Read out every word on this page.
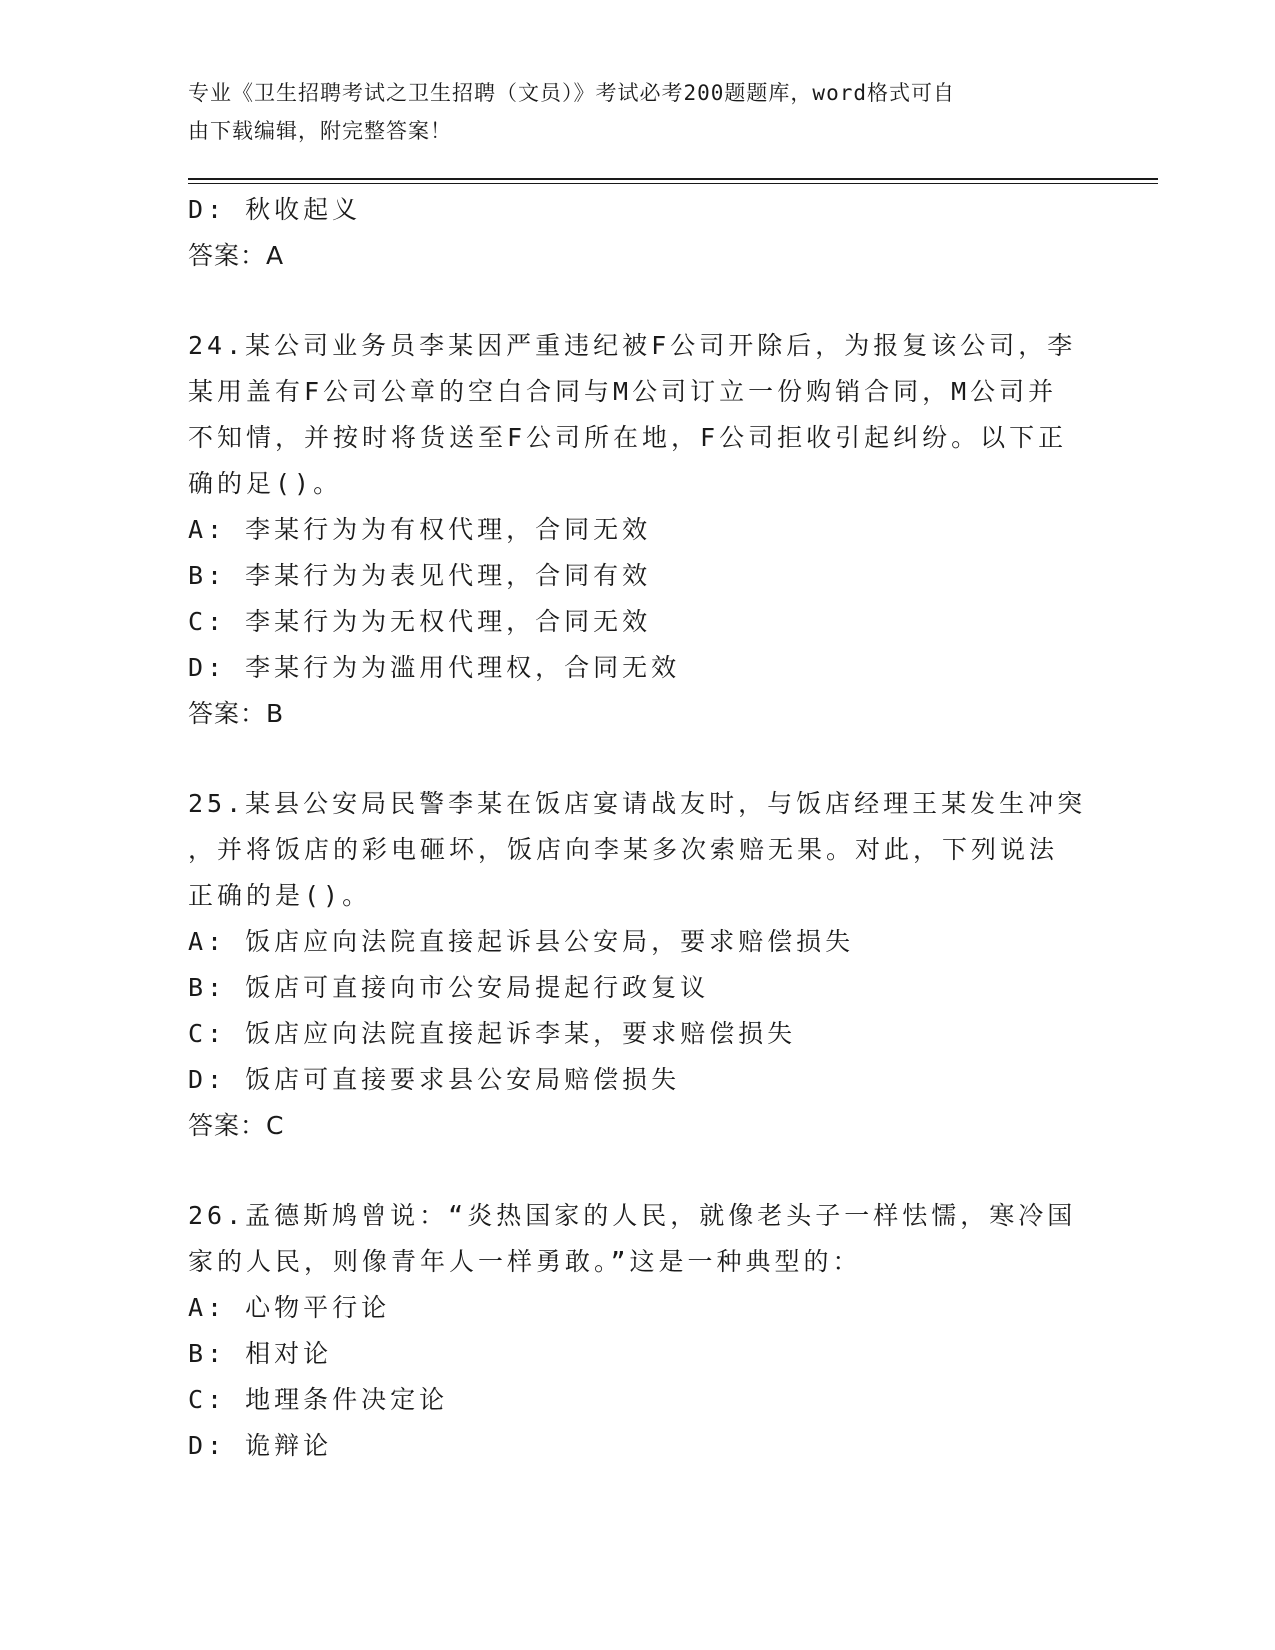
专业《卫生招聘考试之卫生招聘（文员）》考试必考200题题库，word格式可自
由下载编辑，附完整答案！
D: 秋收起义
答案：A
24.某公司业务员李某因严重违纪被F公司开除后，为报复该公司，李
某用盖有F公司公章的空白合同与M公司订立一份购销合同，M公司并
不知情，并按时将货送至F公司所在地，F公司拒收引起纠纷。以下正
确的足()。
A: 李某行为为有权代理，合同无效
B: 李某行为为表见代理，合同有效
C: 李某行为为无权代理，合同无效
D: 李某行为为滥用代理权，合同无效
答案：B
25.某县公安局民警李某在饭店宴请战友时，与饭店经理王某发生冲突
，并将饭店的彩电砸坏，饭店向李某多次索赔无果。对此，下列说法
正确的是()。
A: 饭店应向法院直接起诉县公安局，要求赔偿损失
B: 饭店可直接向市公安局提起行政复议
C: 饭店应向法院直接起诉李某，要求赔偿损失
D: 饭店可直接要求县公安局赔偿损失
答案：C
26.孟德斯鸠曾说：“炎热国家的人民，就像老头子一样怯懦，寒冷国
家的人民，则像青年人一样勇敢。”这是一种典型的：
A: 心物平行论
B: 相对论
C: 地理条件决定论
D: 诡辩论
